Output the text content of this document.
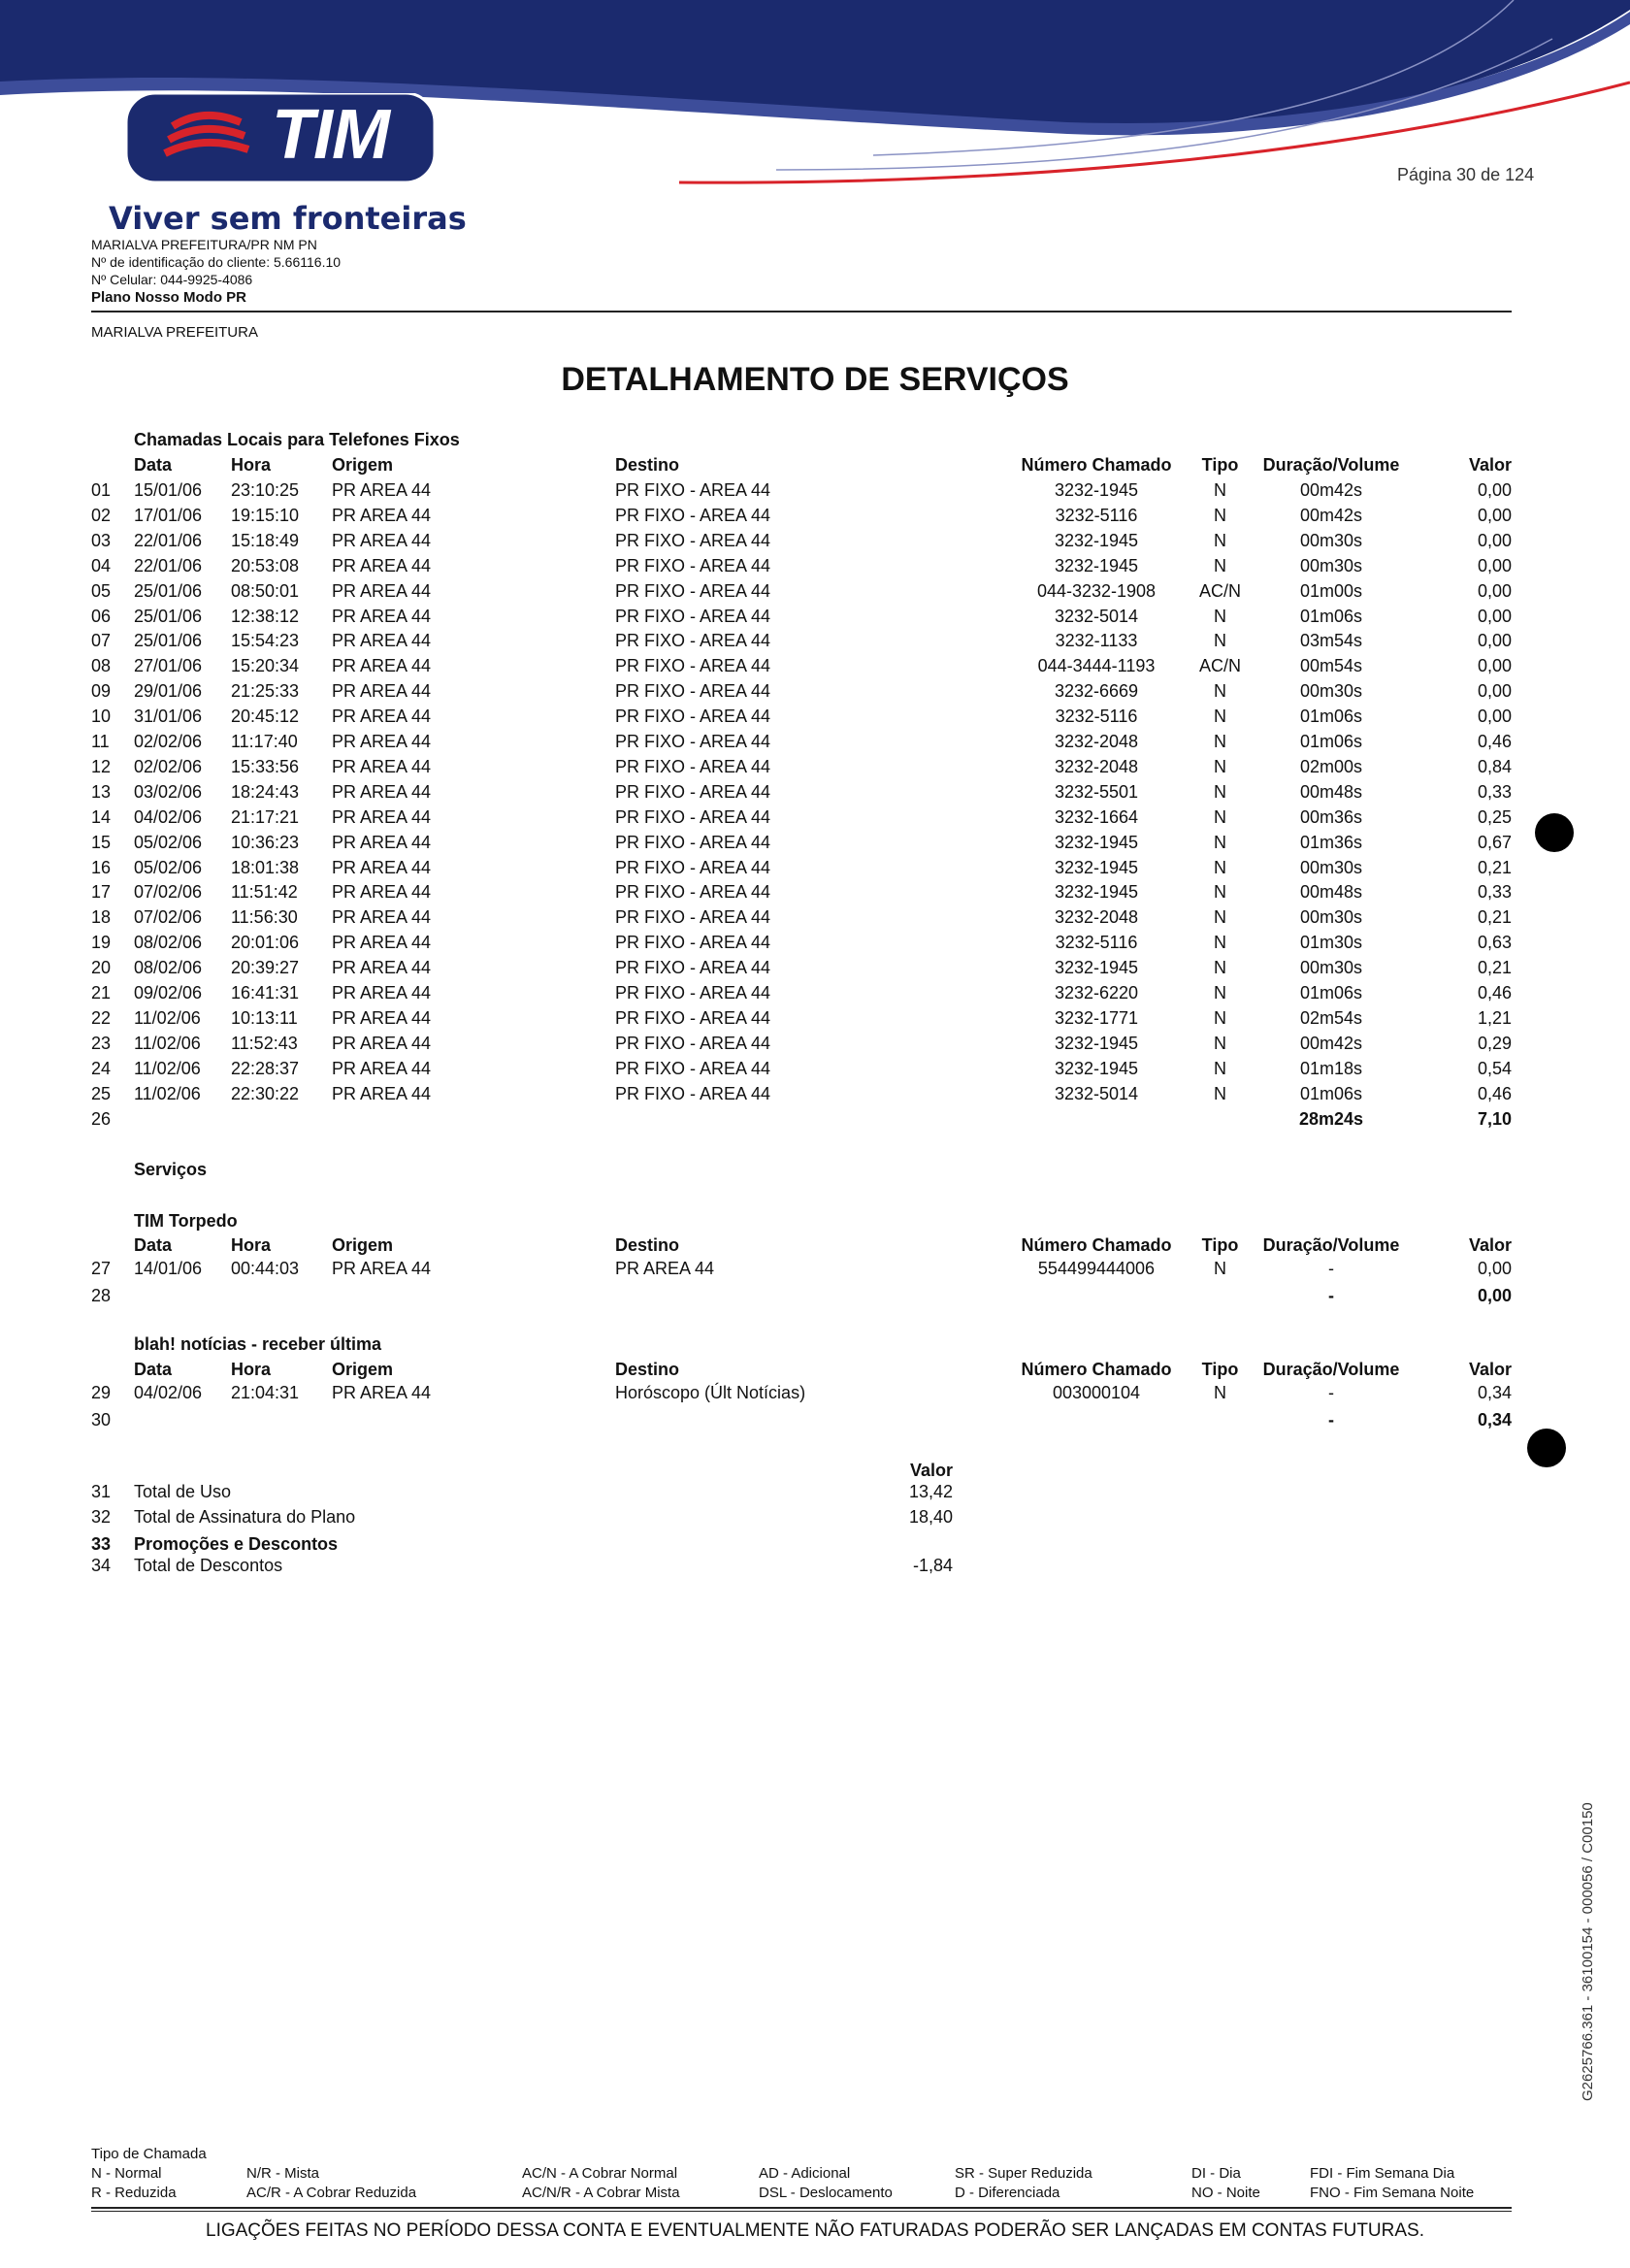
TIM
Viver sem fronteiras
Página 30 de 124
MARIALVA PREFEITURA/PR NM PN
Nº de identificação do cliente: 5.66116.10
Nº Celular: 044-9925-4086
Plano Nosso Modo PR
MARIALVA PREFEITURA
DETALHAMENTO DE SERVIÇOS
Chamadas Locais para Telefones Fixos
Data	Hora	Origem	Destino	Número Chamado	Tipo	Duração/Volume	Valor
01 15/01/06 23:10:25 PR AREA 44	PR FIXO - AREA 44	3232-1945	N	00m42s	0,00
02 17/01/06 19:15:10 PR AREA 44	PR FIXO - AREA 44	3232-5116	N	00m42s	0,00
03 22/01/06 15:18:49 PR AREA 44	PR FIXO - AREA 44	3232-1945	N	00m30s	0,00
04 22/01/06 20:53:08 PR AREA 44	PR FIXO - AREA 44	3232-1945	N	00m30s	0,00
05 25/01/06 08:50:01 PR AREA 44	PR FIXO - AREA 44	044-3232-1908	AC/N	01m00s	0,00
06 25/01/06 12:38:12 PR AREA 44	PR FIXO - AREA 44	3232-5014	N	01m06s	0,00
07 25/01/06 15:54:23 PR AREA 44	PR FIXO - AREA 44	3232-1133	N	03m54s	0,00
08 27/01/06 15:20:34 PR AREA 44	PR FIXO - AREA 44	044-3444-1193	AC/N	00m54s	0,00
09 29/01/06 21:25:33 PR AREA 44	PR FIXO - AREA 44	3232-6669	N	00m30s	0,00
10 31/01/06 20:45:12 PR AREA 44	PR FIXO - AREA 44	3232-5116	N	01m06s	0,00
11 02/02/06 11:17:40 PR AREA 44	PR FIXO - AREA 44	3232-2048	N	01m06s	0,46
12 02/02/06 15:33:56 PR AREA 44	PR FIXO - AREA 44	3232-2048	N	02m00s	0,84
13 03/02/06 18:24:43 PR AREA 44	PR FIXO - AREA 44	3232-5501	N	00m48s	0,33
14 04/02/06 21:17:21 PR AREA 44	PR FIXO - AREA 44	3232-1664	N	00m36s	0,25
15 05/02/06 10:36:23 PR AREA 44	PR FIXO - AREA 44	3232-1945	N	01m36s	0,67
16 05/02/06 18:01:38 PR AREA 44	PR FIXO - AREA 44	3232-1945	N	00m30s	0,21
17 07/02/06 11:51:42 PR AREA 44	PR FIXO - AREA 44	3232-1945	N	00m48s	0,33
18 07/02/06 11:56:30 PR AREA 44	PR FIXO - AREA 44	3232-2048	N	00m30s	0,21
19 08/02/06 20:01:06 PR AREA 44	PR FIXO - AREA 44	3232-5116	N	01m30s	0,63
20 08/02/06 20:39:27 PR AREA 44	PR FIXO - AREA 44	3232-1945	N	00m30s	0,21
21 09/02/06 16:41:31 PR AREA 44	PR FIXO - AREA 44	3232-6220	N	01m06s	0,46
22 11/02/06 10:13:11 PR AREA 44	PR FIXO - AREA 44	3232-1771	N	02m54s	1,21
23 11/02/06 11:52:43 PR AREA 44	PR FIXO - AREA 44	3232-1945	N	00m42s	0,29
24 11/02/06 22:28:37 PR AREA 44	PR FIXO - AREA 44	3232-1945	N	01m18s	0,54
25 11/02/06 22:30:22 PR AREA 44	PR FIXO - AREA 44	3232-5014	N	01m06s	0,46
26	28m24s	7,10
Serviços
TIM Torpedo
Data	Hora	Origem	Destino	Número Chamado	Tipo	Duração/Volume	Valor
27 14/01/06 00:44:03 PR AREA 44	PR AREA 44	554499444006	N	-	0,00
28	-	0,00
blah! notícias - receber última
Data	Hora	Origem	Destino	Número Chamado	Tipo	Duração/Volume	Valor
29 04/02/06 21:04:31 PR AREA 44	Horóscopo (Últ Notícias)	003000104	N	-	0,34
30	-	0,34
Valor
31 Total de Uso	13,42
32 Total de Assinatura do Plano	18,40
33 Promoções e Descontos
34 Total de Descontos	-1,84
G2625766.361 - 36100154 - 000056 / C00150
Tipo de Chamada
N - Normal
R - Reduzida
N/R - Mista
AC/R - A Cobrar Reduzida
AC/N - A Cobrar Normal
AC/N/R - A Cobrar Mista
AD - Adicional
DSL - Deslocamento
SR - Super Reduzida
D - Diferenciada
DI - Dia
NO - Noite
FDI - Fim Semana Dia
FNO - Fim Semana Noite
LIGAÇÕES FEITAS NO PERÍODO DESSA CONTA E EVENTUALMENTE NÃO FATURADAS PODERÃO SER LANÇADAS EM CONTAS FUTURAS.
